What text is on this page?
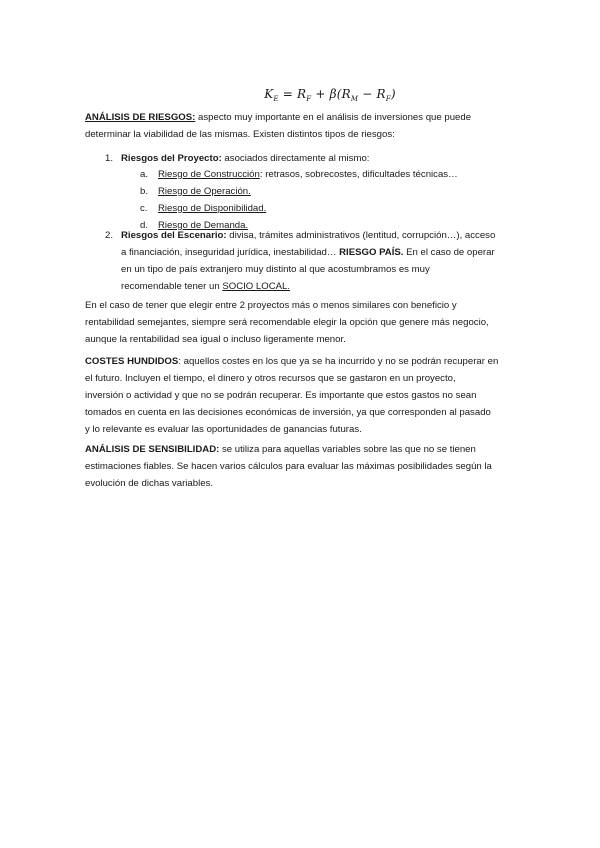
$K_E = R_F + \beta(R_M - R_F)$
ANÁLISIS DE RIESGOS: aspecto muy importante en el análisis de inversiones que puede
determinar la viabilidad de las mismas. Existen distintos tipos de riesgos:
1. Riesgos del Proyecto: asociados directamente al mismo:
a.	Riesgo de Construcción: retrasos, sobrecostes, dificultades técnicas…
b.	Riesgo de Operación.
c.	Riesgo de Disponibilidad.
d.	Riesgo de Demanda.
2. Riesgos del Escenario: divisa, trámites administrativos (lentitud, corrupción…), acceso
a financiación, inseguridad jurídica, inestabilidad… RIESGO PAÍS. En el caso de operar
en un tipo de país extranjero muy distinto al que acostumbramos es muy
recomendable tener un SOCIO LOCAL.
En el caso de tener que elegir entre 2 proyectos más o menos similares con beneficio y
rentabilidad semejantes, siempre será recomendable elegir la opción que genere más negocio,
aunque la rentabilidad sea igual o incluso ligeramente menor.
COSTES HUNDIDOS: aquellos costes en los que ya se ha incurrido y no se podrán recuperar en
el futuro. Incluyen el tiempo, el dinero y otros recursos que se gastaron en un proyecto,
inversión o actividad y que no se podrán recuperar. Es importante que estos gastos no sean
tomados en cuenta en las decisiones económicas de inversión, ya que corresponden al pasado
y lo relevante es evaluar las oportunidades de ganancias futuras.
ANÁLISIS DE SENSIBILIDAD: se utiliza para aquellas variables sobre las que no se tienen
estimaciones fiables. Se hacen varios cálculos para evaluar las máximas posibilidades según la
evolución de dichas variables.
